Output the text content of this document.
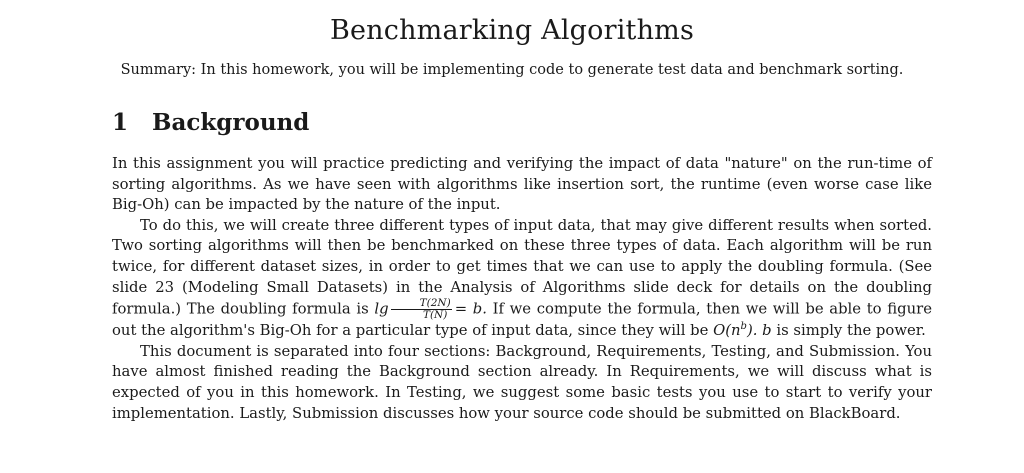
Benchmarking Algorithms
Summary: In this homework, you will be implementing code to generate test data and benchmark sorting.
1 Background

In this assignment you will practice predicting and verifying the impact of data "nature" on the run-time of sorting algorithms. As we have seen with algorithms like insertion sort, the runtime (even worse case like Big-Oh) can be impacted by the nature of the input.

To do this, we will create three different types of input data, that may give different results when sorted. Two sorting algorithms will then be benchmarked on these three types of data. Each algorithm will be run twice, for different dataset sizes, in order to get times that we can use to apply the doubling formula. (See slide 23 (Modeling Small Datasets) in the Analysis of Algorithms slide deck for details on the doubling formula.) The doubling formula is $\lg \frac{T(2N)}{T(N)} = b$. If we compute the formula, then we will be able to figure out the algorithm's Big-Oh for a particular type of input data, since they will be $O(n^b)$. b is simply the power.

This document is separated into four sections: Background, Requirements, Testing, and Submission. You have almost finished reading the Background section already. In Requirements, we will discuss what is expected of you in this homework. In Testing, we suggest some basic tests you use to start to verify your implementation. Lastly, Submission discusses how your source code should be submitted on BlackBoard.
